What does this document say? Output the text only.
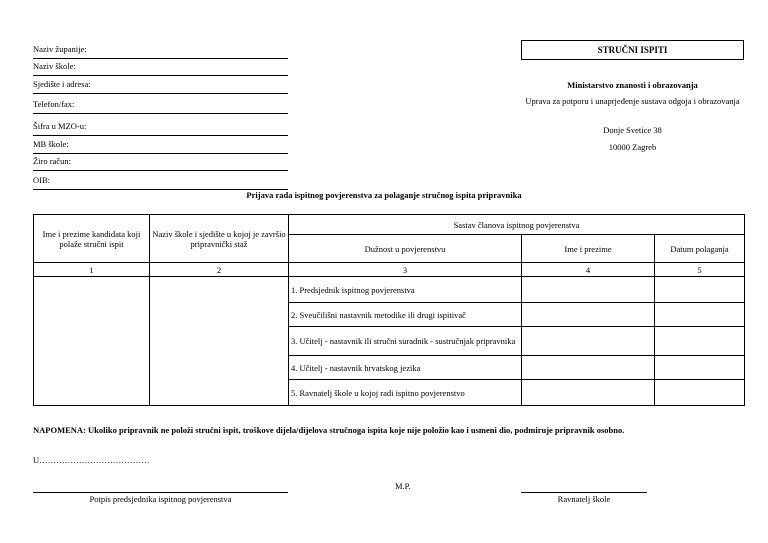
Naziv županije:
Naziv škole:
Sjedište i adresa:
Telefon/fax:
Šifra u MZO-u:
MB škole:
Žiro račun:
OIB:
STRUČNI ISPITI
Ministarstvo znanosti i obrazovanja
Uprava za potporu i unaprjeđenje sustava odgoja i obrazovanja
Donje Svetice 38
10000 Zagreb
Prijava rada ispitnog povjerenstva za polaganje stručnog ispita pripravnika
Ime i prezime kandidata koji polaže stručni ispit	Naziv škole i sjedište u kojoj je završio pripravnički staž	Sastav članova ispitnog povjerenstva		
		Dužnost u povjerenstvu	Ime i prezime	Datum polaganja
1	2	3	4	5
		1. Predsjednik ispitnog povjerenstva		
		2. Sveučilišni nastavnik metodike ili drugi ispitivač		
		3. Učitelj - nastavnik ili stručni suradnik - sustručnjak pripravnika		
		4. Učitelj - nastavnik hrvatskog jezika		
		5. Ravnatelj škole u kojoj radi ispitno povjerenstvo		
NAPOMENA: Ukoliko pripravnik ne položi stručni ispit, troškove dijela/dijelova stručnoga ispita koje nije položio kao i usmeni dio, podmiruje pripravnik osobno.
U…………………………………
M.P.
Potpis predsjednika ispitnog povjerenstva	Ravnatelj škole
